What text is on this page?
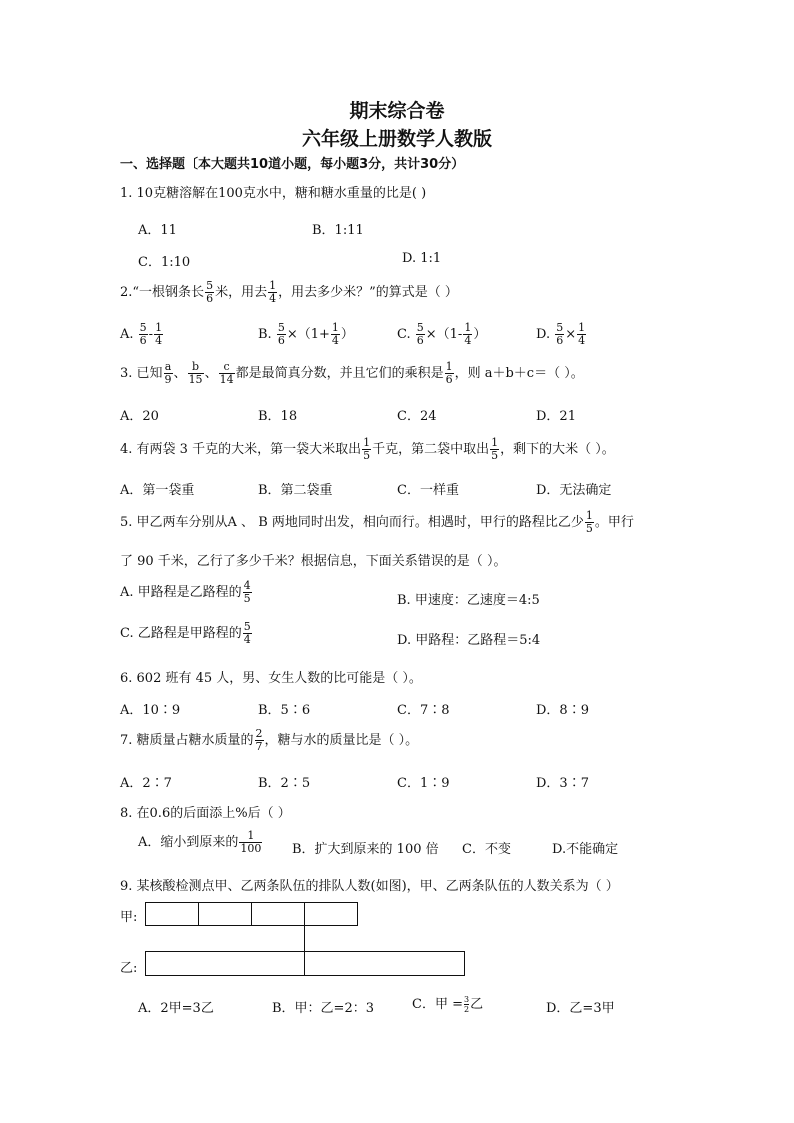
期末综合卷
六年级上册数学人教版
一、选择题〔本大题共10道小题，每小题3分，共计30分）
1. 10克糖溶解在100克水中，糖和糖水重量的比是( )
A．11	B．1:11
C．1:10	D. 1:1
2.“一根钢条长 $\frac{5}{6}$ 米，用去 $\frac{1}{4}$ ，用去多少米？”的算式是（ ）
A. $\frac{5}{6} - \frac{1}{4}$	B. $\frac{5}{6} \times(1+ \frac{1}{4}$ ）	C. $\frac{5}{6} \times(1- \frac{1}{4}$ ）	D. $\frac{5}{6} \times \frac{1}{4}$
3. 已知 $\frac{a}{9}$ 、 $\frac{b}{15}$ 、 $\frac{c}{14}$ 都是最简真分数，并且它们的乘积是 $\frac{1}{6}$ ，则 a＋b＋c＝（ ）。
A．20	B．18	C．24	D．21
4. 有两袋 3 千克的大米，第一袋大米取出 $\frac{1}{5}$ 千克，第二袋中取出 $\frac{1}{5}$ ，剩下的大米（ ）。
A．第一袋重	B．第二袋重	C．一样重	D．无法确定
5. 甲乙两车分别从A 、 B 两地同时出发，相向而行。相遇时，甲行的路程比乙少 $\frac{1}{5}$ 。甲行
了 90 千米，乙行了多少千米？根据信息，下面关系错误的是（ ）。
A. 甲路程是乙路程的 $\frac{4}{5}$	B. 甲速度：乙速度＝4:5
C. 乙路程是甲路程的 $\frac{5}{4}$	D. 甲路程：乙路程＝5:4
6. 602 班有 45 人，男、女生人数的比可能是（ ）。
A．10∶9	B．5∶6	C．7∶8	D．8∶9
7. 糖质量占糖水质量的 $\frac{2}{7}$ ，糖与水的质量比是（ ）。
A．2∶7	B．2∶5	C．1∶9	D．3∶7
8. 在0.6的后面添上%后（ ）
A．缩小到原来的 $\frac{1}{100}$ B．扩大到原来的 100 倍 C．不变	D.不能确定
9. 某核酸检测点甲、乙两条队伍的排队人数(如图)，甲、乙两条队伍的人数关系为（ ）
甲:
乙:
A．2甲=3乙	B．甲：乙=2：3	C．甲 = $\frac{3}{2}$ 乙	D．乙=3甲
